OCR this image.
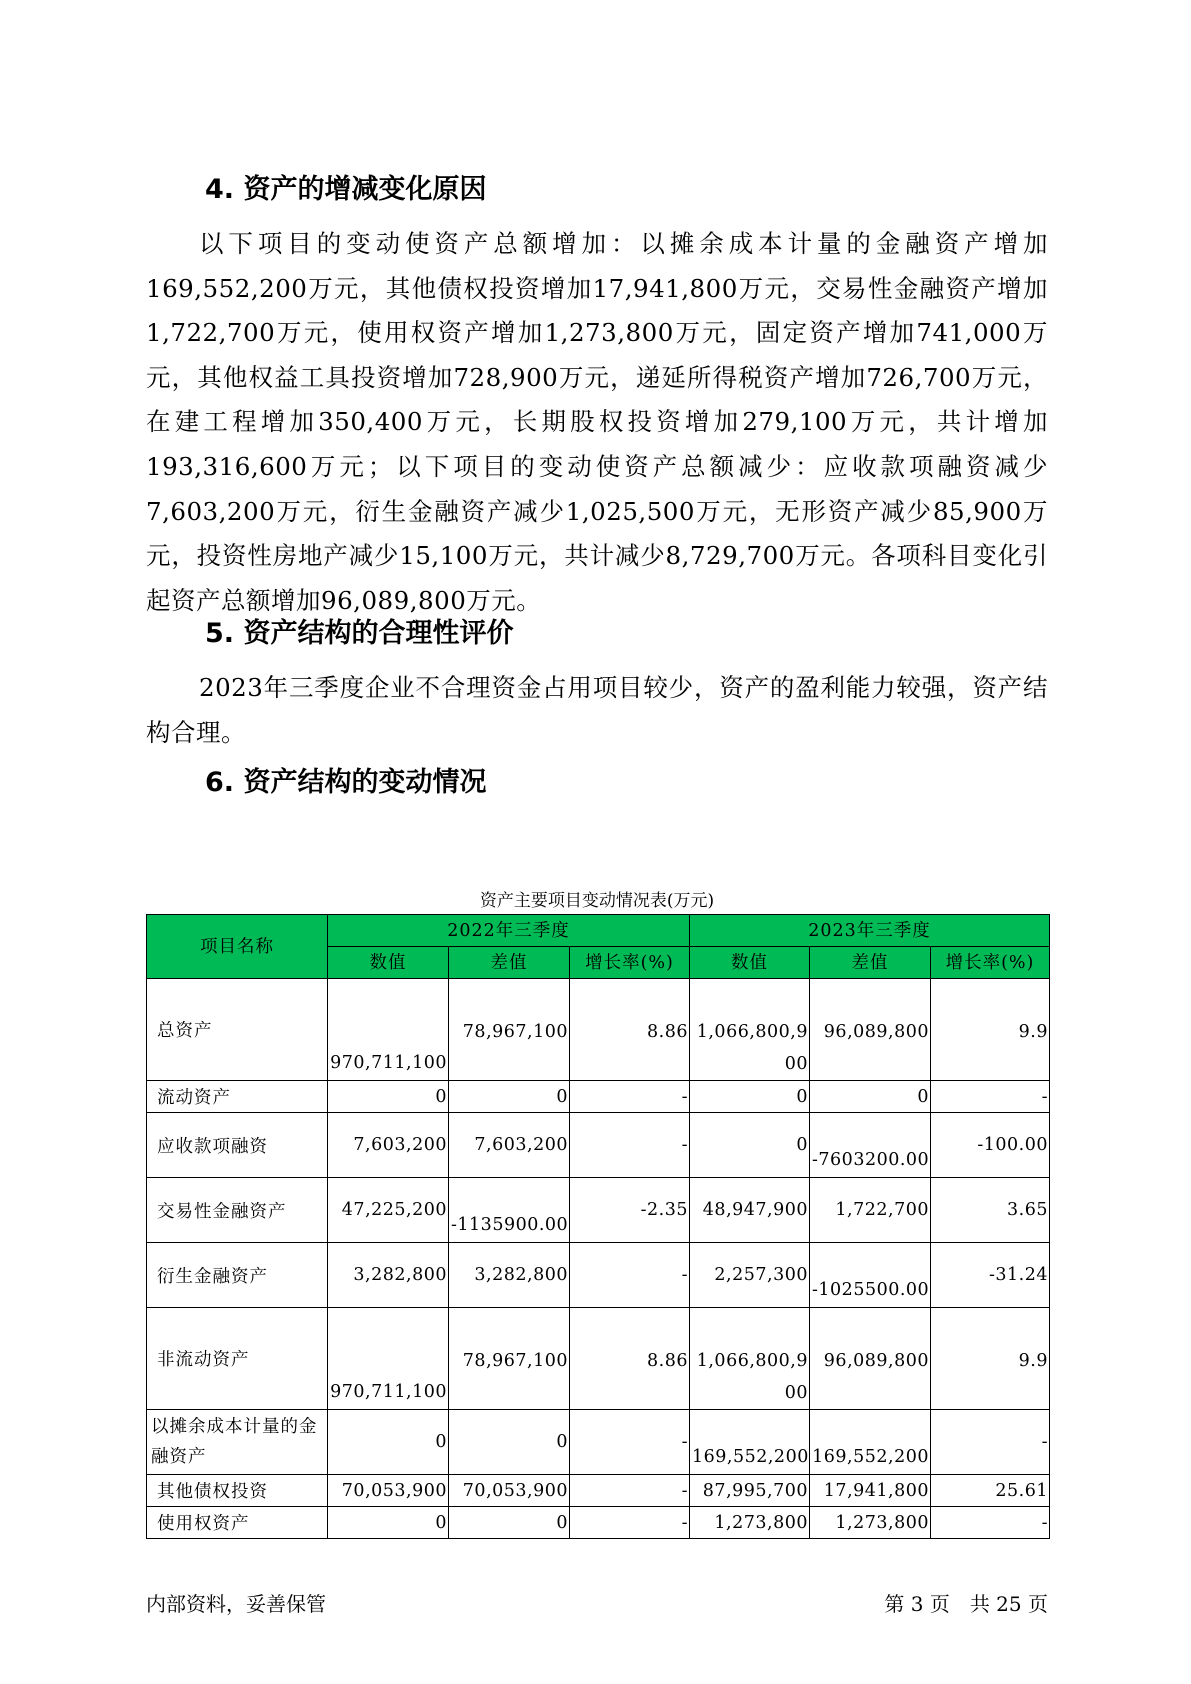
4. 资产的增减变化原因

以下项目的变动使资产总额增加：以摊余成本计量的金融资产增加169,552,200万元，其他债权投资增加17,941,800万元，交易性金融资产增加1,722,700万元，使用权资产增加1,273,800万元，固定资产增加741,000万元，其他权益工具投资增加728,900万元，递延所得税资产增加726,700万元，在建工程增加350,400万元，长期股权投资增加279,100万元，共计增加193,316,600万元；以下项目的变动使资产总额减少：应收款项融资减少7,603,200万元，衍生金融资产减少1,025,500万元，无形资产减少85,900万元，投资性房地产减少15,100万元，共计减少8,729,700万元。各项科目变化引起资产总额增加96,089,800万元。

5. 资产结构的合理性评价

2023年三季度企业不合理资金占用项目较少，资产的盈利能力较强，资产结构合理。

6. 资产结构的变动情况
资产主要项目变动情况表(万元)
项目名称	2022年三季度			2023年三季度		
	数值	差值	增长率(%)	数值	差值	增长率(%)
总资产	970,711,100	78,967,100	8.86	1,066,800,900	96,089,800	9.9
流动资产	0	0	-	0	0	-
应收款项融资	7,603,200	7,603,200	-	0	-7603200.00	-100.00
交易性金融资产	47,225,200	-1135900.00	-2.35	48,947,900	1,722,700	3.65
衍生金融资产	3,282,800	3,282,800	-	2,257,300	-1025500.00	-31.24
非流动资产	970,711,100	78,967,100	8.86	1,066,800,900	96,089,800	9.9
以摊余成本计量的金融资产	0	0	-	169,552,200	169,552,200	-
其他债权投资	70,053,900	70,053,900	-	87,995,700	17,941,800	25.61
使用权资产	0	0	-	1,273,800	1,273,800	-
内部资料，妥善保管	第 3 页　共 25 页
